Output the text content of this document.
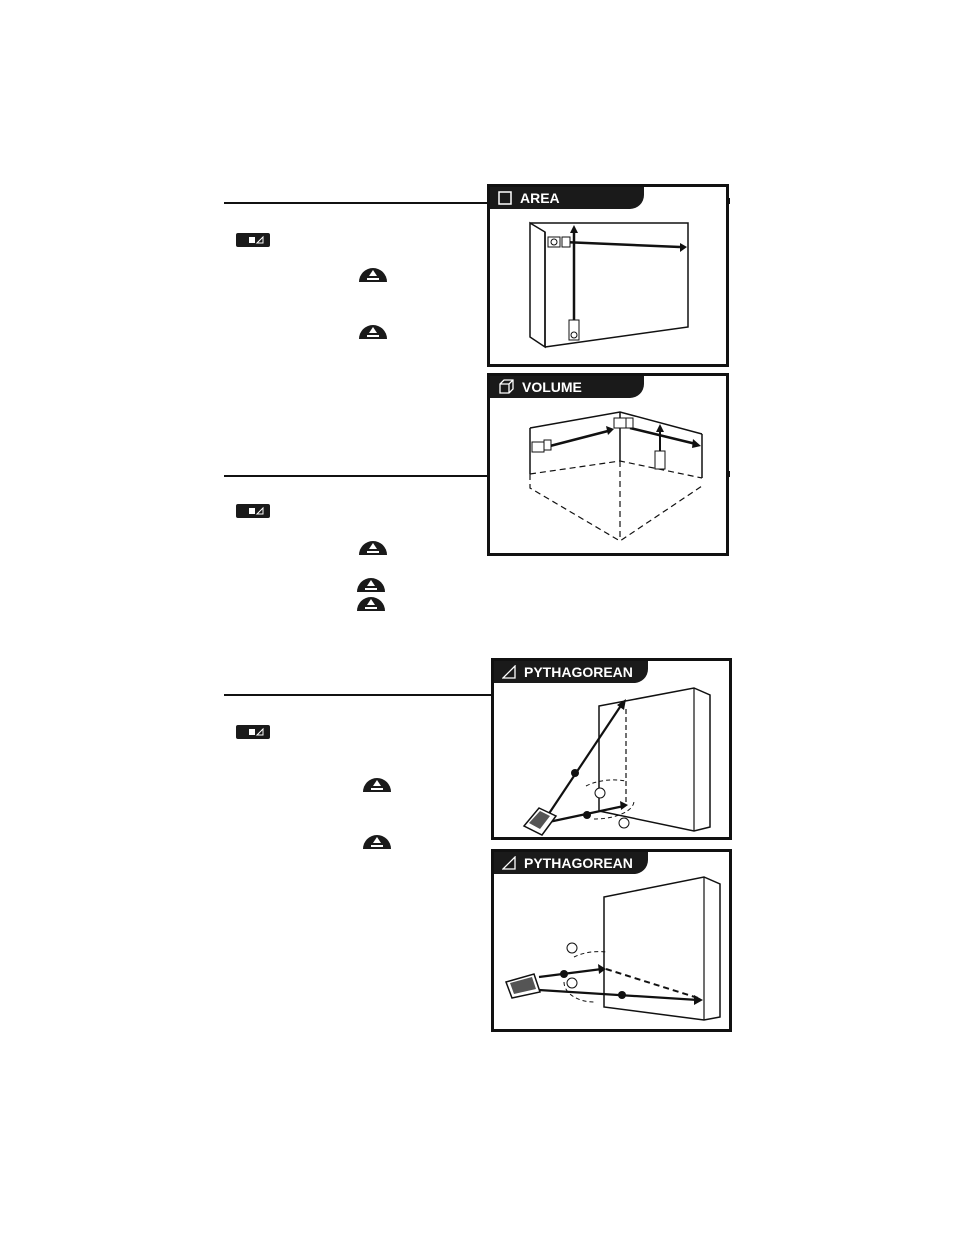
AREA
VOLUME
PYTHAGOREAN
PYTHAGOREAN
